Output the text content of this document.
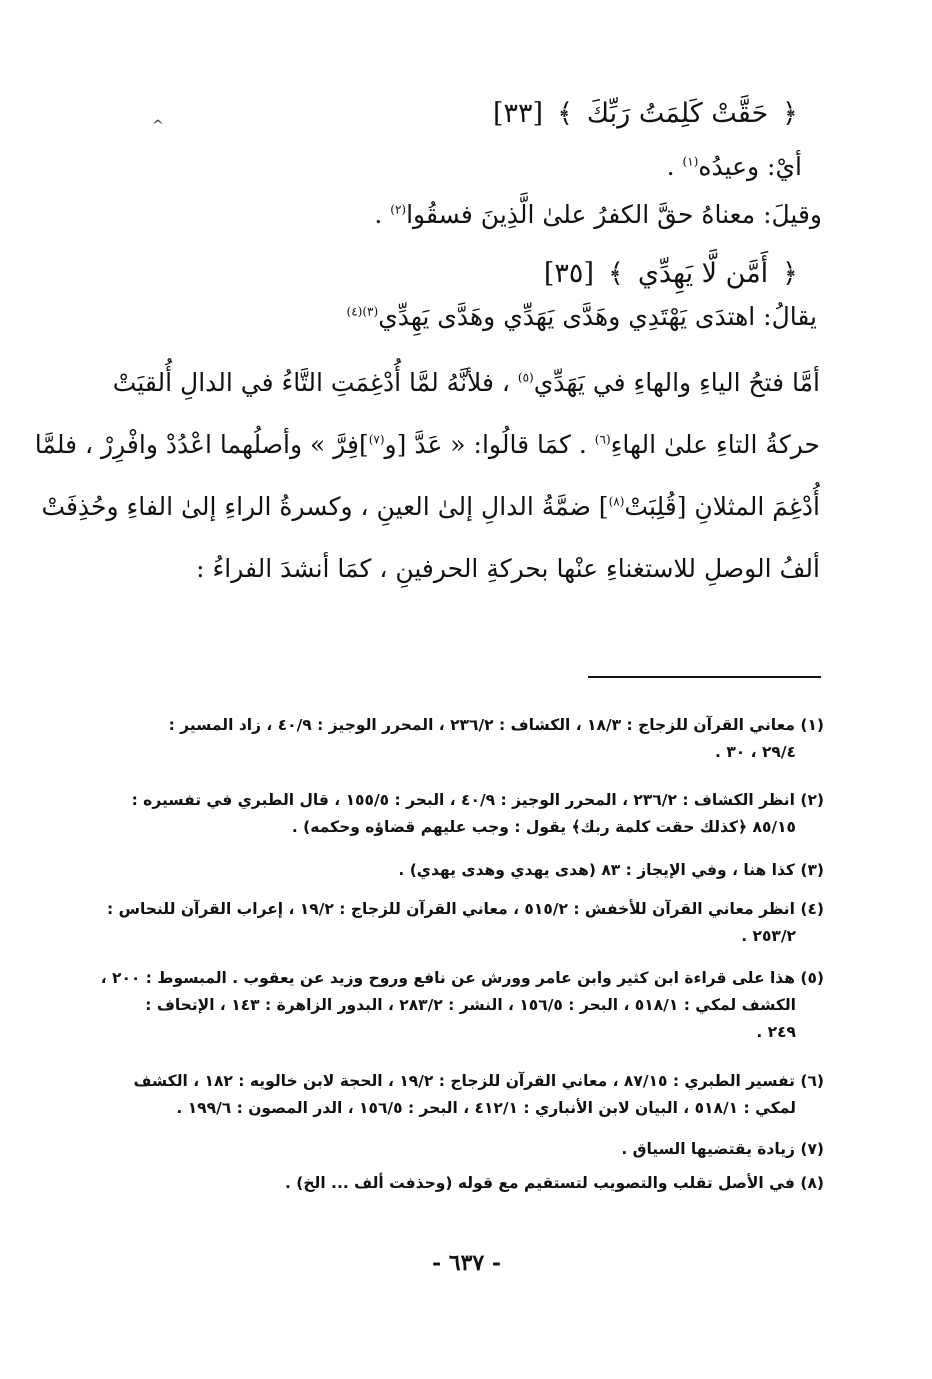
^	﴿حَقَّتْ كَلِمَتُ رَبِّكَ﴾[٣٣]
أيْ: وعيدُه$^{(١)}$ .
وقيلَ: معناهُ حقَّ الكفرُ علىٰ الَّذِينَ فسقُوا$^{(٢)}$ .
﴿أَمَّن لَّا يَهِدِّي﴾[٣٥]
يقالُ: اهتدَى يَهْتَدِي وهَدَّى يَهَدِّي وهَدَّى يَهِدِّي$^{(٣)(٤)}$
أمَّا فتحُ الياءِ والهاءِ في يَهَدِّي$^{(٥)}$ ، فلأنَّهُ لمَّا أُدْغِمَتِ التَّاءُ في الدالِ أُلقيَتْ
حركةُ التاءِ علىٰ الهاءِ$^{(٦)}$ . كمَا قالُوا: « عَدَّ [و$^{(٧)}$]فِرَّ » وأصلُهما اعْدُدْ وافْرِرْ ، فلمَّا
أُدْغِمَ المثلانِ [قُلِبَتْ$^{(٨)}$] ضمَّةُ الدالِ إلىٰ العينِ ، وكسرةُ الراءِ إلىٰ الفاءِ وحُذِفَتْ
ألفُ الوصلِ للاستغناءِ عنْها بحركةِ الحرفينِ ، كمَا أنشدَ الفراءُ :
(١) معاني القرآن للزجاج : ١٨/٣ ، الكشاف : ٢٣٦/٢ ، المحرر الوجيز : ٤٠/٩ ، زاد المسير :
٢٩/٤ ، ٣٠ .
(٢) انظر الكشاف : ٢٣٦/٢ ، المحرر الوجيز : ٤٠/٩ ، البحر : ١٥٥/٥ ، قال الطبري في تفسيره :
٨٥/١٥ ﴿كذلك حقت كلمة ربك﴾ يقول : وجب عليهم قضاؤه وحكمه) .
(٣) كذا هنا ، وفي الإيجاز : ٨٣ (هدى يهدي وهدى يهدي) .
(٤) انظر معاني القرآن للأخفش : ٥١٥/٢ ، معاني القرآن للزجاج : ١٩/٢ ، إعراب القرآن للنحاس :
٢٥٣/٢ .
(٥) هذا على قراءة ابن كثير وابن عامر وورش عن نافع وروح وزيد عن يعقوب . المبسوط : ٢٠٠ ،
الكشف لمكي : ٥١٨/١ ، البحر : ١٥٦/٥ ، النشر : ٢٨٣/٢ ، البدور الزاهرة : ١٤٣ ، الإتحاف :
٢٤٩ .
(٦) تفسير الطبري : ٨٧/١٥ ، معاني القرآن للزجاج : ١٩/٢ ، الحجة لابن خالويه : ١٨٢ ، الكشف
لمكي : ٥١٨/١ ، البيان لابن الأنباري : ٤١٢/١ ، البحر : ١٥٦/٥ ، الدر المصون : ١٩٩/٦ .
(٧) زيادة يقتضيها السياق .
(٨) في الأصل تقلب والتصويب لتستقيم مع قوله (وحذفت ألف ... الخ) .
- ٦٣٧ -
